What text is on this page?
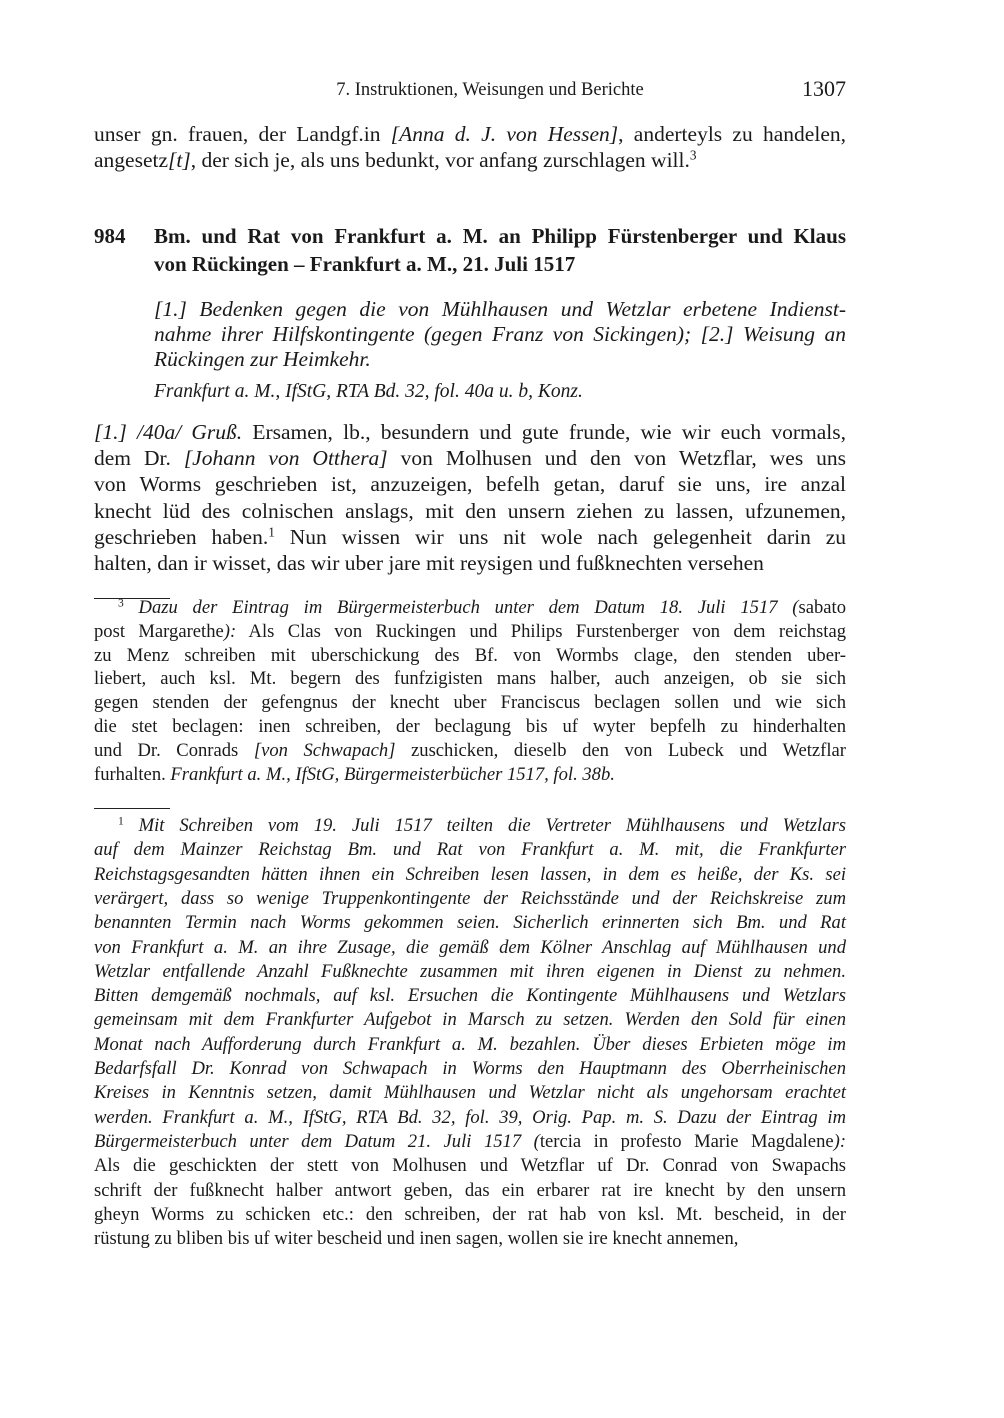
7. Instruktionen, Weisungen und Berichte	1307
unser gn. frauen, der Landgf.in [Anna d. J. von Hessen], anderteyls zu handelen,
angesetz[t], der sich je, als uns bedunkt, vor anfang zurschlagen will.$^3$
984 Bm. und Rat von Frankfurt a. M. an Philipp Fürstenberger und Klaus
von Rückingen – Frankfurt a. M., 21. Juli 1517
[1.] Bedenken gegen die von Mühlhausen und Wetzlar erbetene Indienst-
nahme ihrer Hilfskontingente (gegen Franz von Sickingen); [2.] Weisung an
Rückingen zur Heimkehr.
Frankfurt a. M., IfStG, RTA Bd. 32, fol. 40a u. b, Konz.
[1.] /40a/ Gruß. Ersamen, lb., besundern und gute frunde, wie wir euch vormals,
dem Dr. [Johann von Otthera] von Molhusen und den von Wetzflar, wes uns
von Worms geschrieben ist, anzuzeigen, befelh getan, daruf sie uns, ire anzal
knecht lüd des colnischen anslags, mit den unsern ziehen zu lassen, ufzunemen,
geschrieben haben.$^1$ Nun wissen wir uns nit wole nach gelegenheit darin zu
halten, dan ir wisset, das wir uber jare mit reysigen und fußknechten versehen
$^3$ Dazu der Eintrag im Bürgermeisterbuch unter dem Datum 18. Juli 1517 (sabato
post Margarethe): Als Clas von Ruckingen und Philips Furstenberger von dem reichstag
zu Menz schreiben mit uberschickung des Bf. von Wormbs clage, den stenden uber-
liebert, auch ksl. Mt. begern des funfzigisten mans halber, auch anzeigen, ob sie sich
gegen stenden der gefengnus der knecht uber Franciscus beclagen sollen und wie sich
die stet beclagen: inen schreiben, der beclagung bis uf wyter bepfelh zu hinderhalten
und Dr. Conrads [von Schwapach] zuschicken, dieselb den von Lubeck und Wetzflar
furhalten. Frankfurt a. M., IfStG, Bürgermeisterbücher 1517, fol. 38b.
$^1$ Mit Schreiben vom 19. Juli 1517 teilten die Vertreter Mühlhausens und Wetzlars
auf dem Mainzer Reichstag Bm. und Rat von Frankfurt a. M. mit, die Frankfurter
Reichstagsgesandten hätten ihnen ein Schreiben lesen lassen, in dem es heiße, der Ks. sei
verärgert, dass so wenige Truppenkontingente der Reichsstände und der Reichskreise zum
benannten Termin nach Worms gekommen seien. Sicherlich erinnerten sich Bm. und Rat
von Frankfurt a. M. an ihre Zusage, die gemäß dem Kölner Anschlag auf Mühlhausen und
Wetzlar entfallende Anzahl Fußknechte zusammen mit ihren eigenen in Dienst zu nehmen.
Bitten demgemäß nochmals, auf ksl. Ersuchen die Kontingente Mühlhausens und Wetzlars
gemeinsam mit dem Frankfurter Aufgebot in Marsch zu setzen. Werden den Sold für einen
Monat nach Aufforderung durch Frankfurt a. M. bezahlen. Über dieses Erbieten möge im
Bedarfsfall Dr. Konrad von Schwapach in Worms den Hauptmann des Oberrheinischen
Kreises in Kenntnis setzen, damit Mühlhausen und Wetzlar nicht als ungehorsam erachtet
werden. Frankfurt a. M., IfStG, RTA Bd. 32, fol. 39, Orig. Pap. m. S. Dazu der Eintrag im
Bürgermeisterbuch unter dem Datum 21. Juli 1517 (tercia in profesto Marie Magdalene):
Als die geschickten der stett von Molhusen und Wetzflar uf Dr. Conrad von Swapachs
schrift der fußknecht halber antwort geben, das ein erbarer rat ire knecht by den unsern
gheyn Worms zu schicken etc.: den schreiben, der rat hab von ksl. Mt. bescheid, in der
rüstung zu bliben bis uf witer bescheid und inen sagen, wollen sie ire knecht annemen,
